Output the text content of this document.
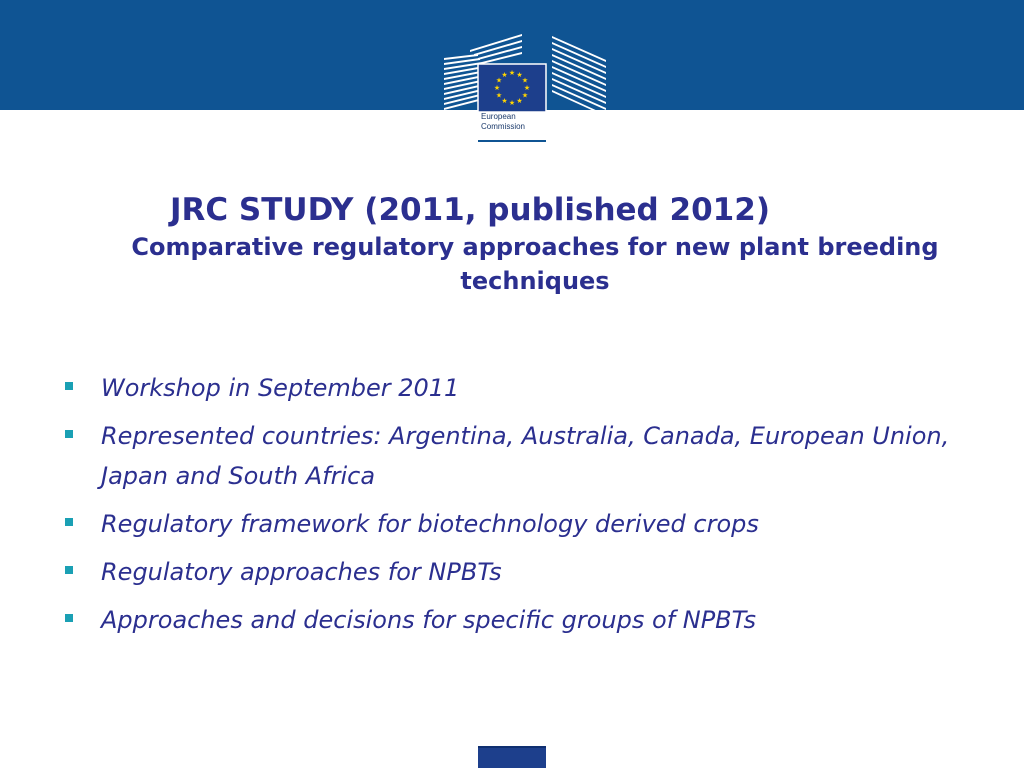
★ ★
★
★
★
★
★
★
★
★
★
★
European
Commission
JRC STUDY (2011, published 2012)
Comparative regulatory approaches for new plant breeding techniques
Workshop in September 2011
Represented countries: Argentina, Australia, Canada, European Union, Japan and South Africa
Regulatory framework for biotechnology derived crops
Regulatory approaches for NPBTs
Approaches and decisions for specific groups of NPBTs
